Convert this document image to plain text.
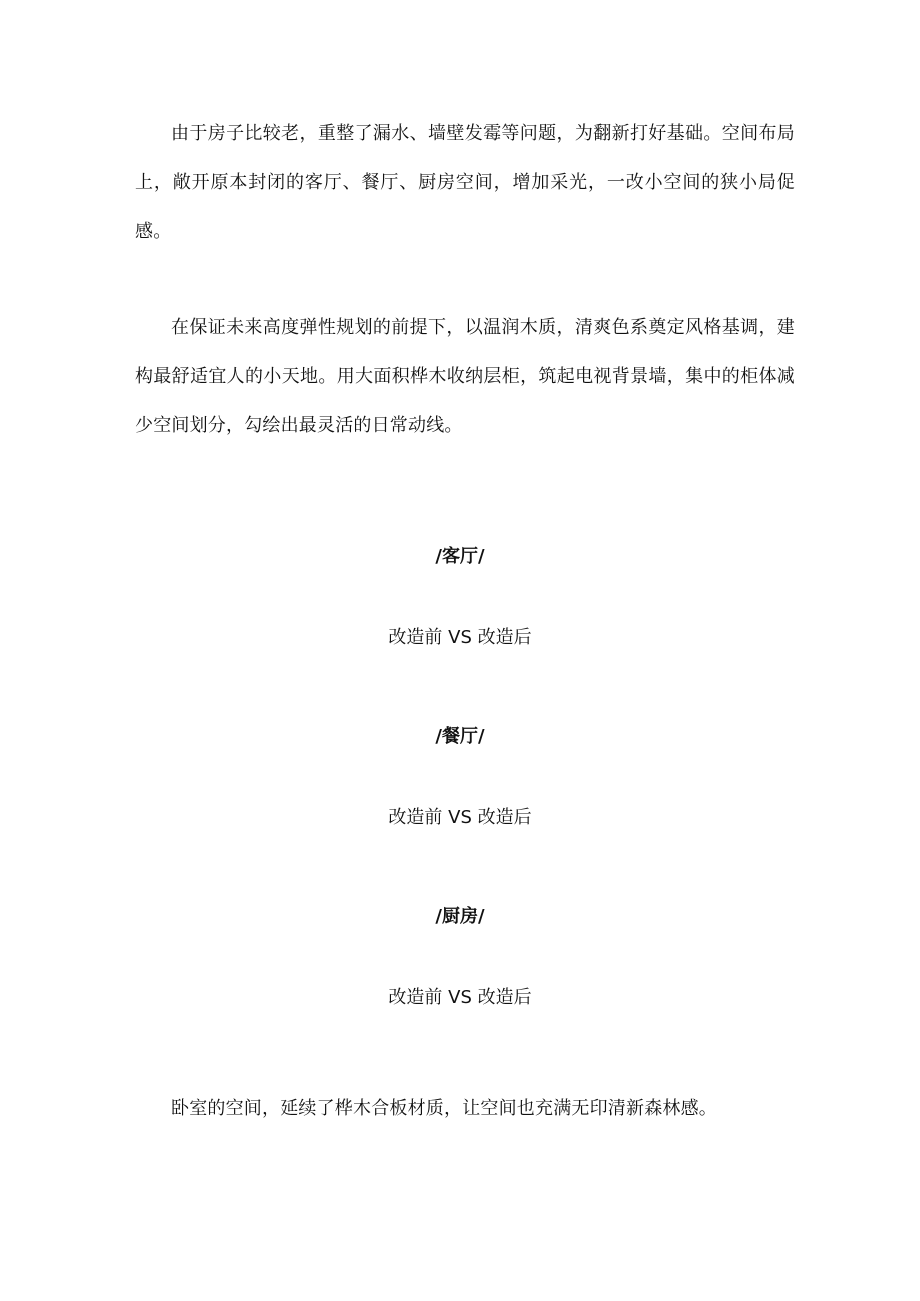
由于房子比较老，重整了漏水、墙壁发霉等问题，为翻新打好基础。空间布局上，敞开原本封闭的客厅、餐厅、厨房空间，增加采光，一改小空间的狭小局促感。

在保证未来高度弹性规划的前提下，以温润木质，清爽色系奠定风格基调，建构最舒适宜人的小天地。用大面积桦木收纳层柜，筑起电视背景墙，集中的柜体减少空间划分，勾绘出最灵活的日常动线。

/客厅/

改造前 VS 改造后

/餐厅/

改造前 VS 改造后

/厨房/

改造前 VS 改造后

卧室的空间，延续了桦木合板材质，让空间也充满无印清新森林感。
